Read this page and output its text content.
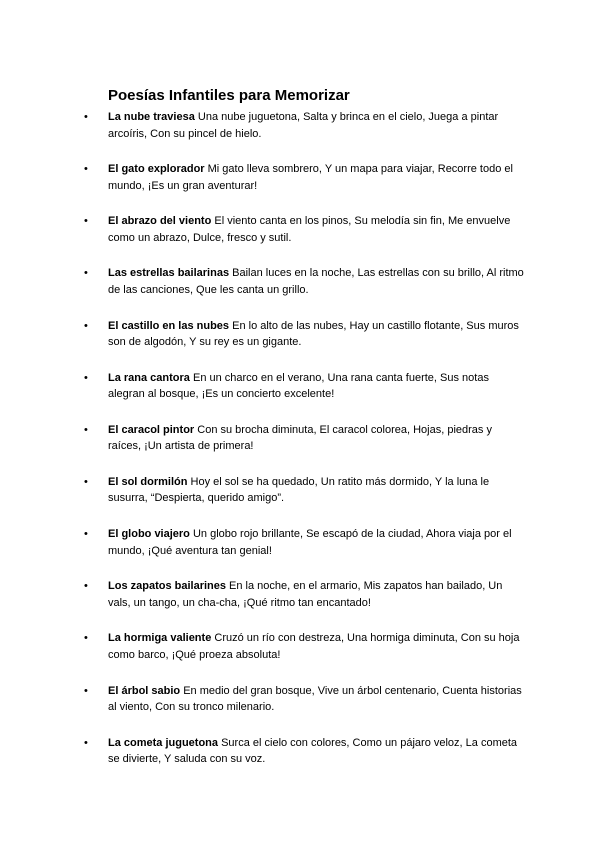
Poesías Infantiles para Memorizar
• La nube traviesa Una nube juguetona, Salta y brinca en el cielo, Juega a pintar arcoíris, Con su pincel de hielo.
• El gato explorador Mi gato lleva sombrero, Y un mapa para viajar, Recorre todo el mundo, ¡Es un gran aventurar!
• El abrazo del viento El viento canta en los pinos, Su melodía sin fin, Me envuelve como un abrazo, Dulce, fresco y sutil.
• Las estrellas bailarinas Bailan luces en la noche, Las estrellas con su brillo, Al ritmo de las canciones, Que les canta un grillo.
• El castillo en las nubes En lo alto de las nubes, Hay un castillo flotante, Sus muros son de algodón, Y su rey es un gigante.
• La rana cantora En un charco en el verano, Una rana canta fuerte, Sus notas alegran al bosque, ¡Es un concierto excelente!
• El caracol pintor Con su brocha diminuta, El caracol colorea, Hojas, piedras y raíces, ¡Un artista de primera!
• El sol dormilón Hoy el sol se ha quedado, Un ratito más dormido, Y la luna le susurra, “Despierta, querido amigo”.
• El globo viajero Un globo rojo brillante, Se escapó de la ciudad, Ahora viaja por el mundo, ¡Qué aventura tan genial!
• Los zapatos bailarines En la noche, en el armario, Mis zapatos han bailado, Un vals, un tango, un cha-cha, ¡Qué ritmo tan encantado!
• La hormiga valiente Cruzó un río con destreza, Una hormiga diminuta, Con su hoja como barco, ¡Qué proeza absoluta!
• El árbol sabio En medio del gran bosque, Vive un árbol centenario, Cuenta historias al viento, Con su tronco milenario.
• La cometa juguetona Surca el cielo con colores, Como un pájaro veloz, La cometa se divierte, Y saluda con su voz.
